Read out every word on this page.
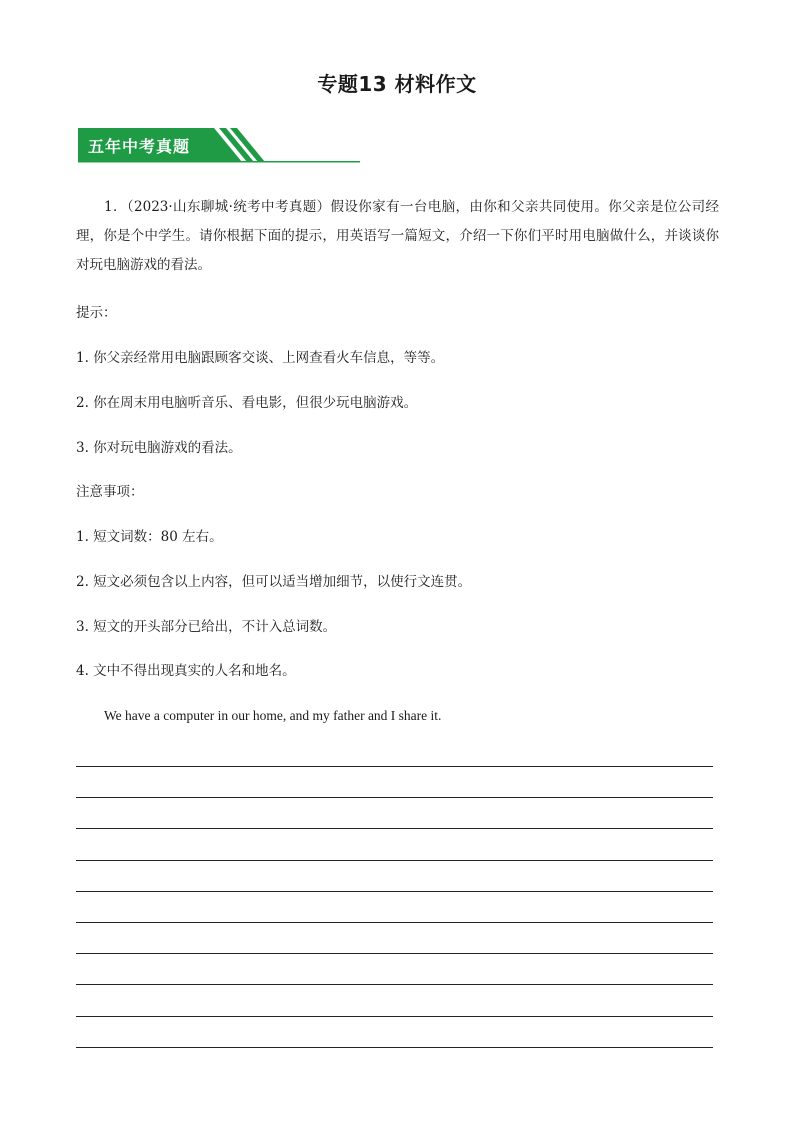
专题13 材料作文
五年中考真题
1．（2023·山东聊城·统考中考真题）假设你家有一台电脑，由你和父亲共同使用。你父亲是位公司经理，你是个中学生。请你根据下面的提示，用英语写一篇短文，介绍一下你们平时用电脑做什么，并谈谈你对玩电脑游戏的看法。
提示：
1. 你父亲经常用电脑跟顾客交谈、上网查看火车信息，等等。
2. 你在周末用电脑听音乐、看电影，但很少玩电脑游戏。
3. 你对玩电脑游戏的看法。
注意事项：
1. 短文词数：80 左右。
2. 短文必须包含以上内容，但可以适当增加细节，以使行文连贯。
3. 短文的开头部分已给出，不计入总词数。
4. 文中不得出现真实的人名和地名。
We have a computer in our home, and my father and I share it.
